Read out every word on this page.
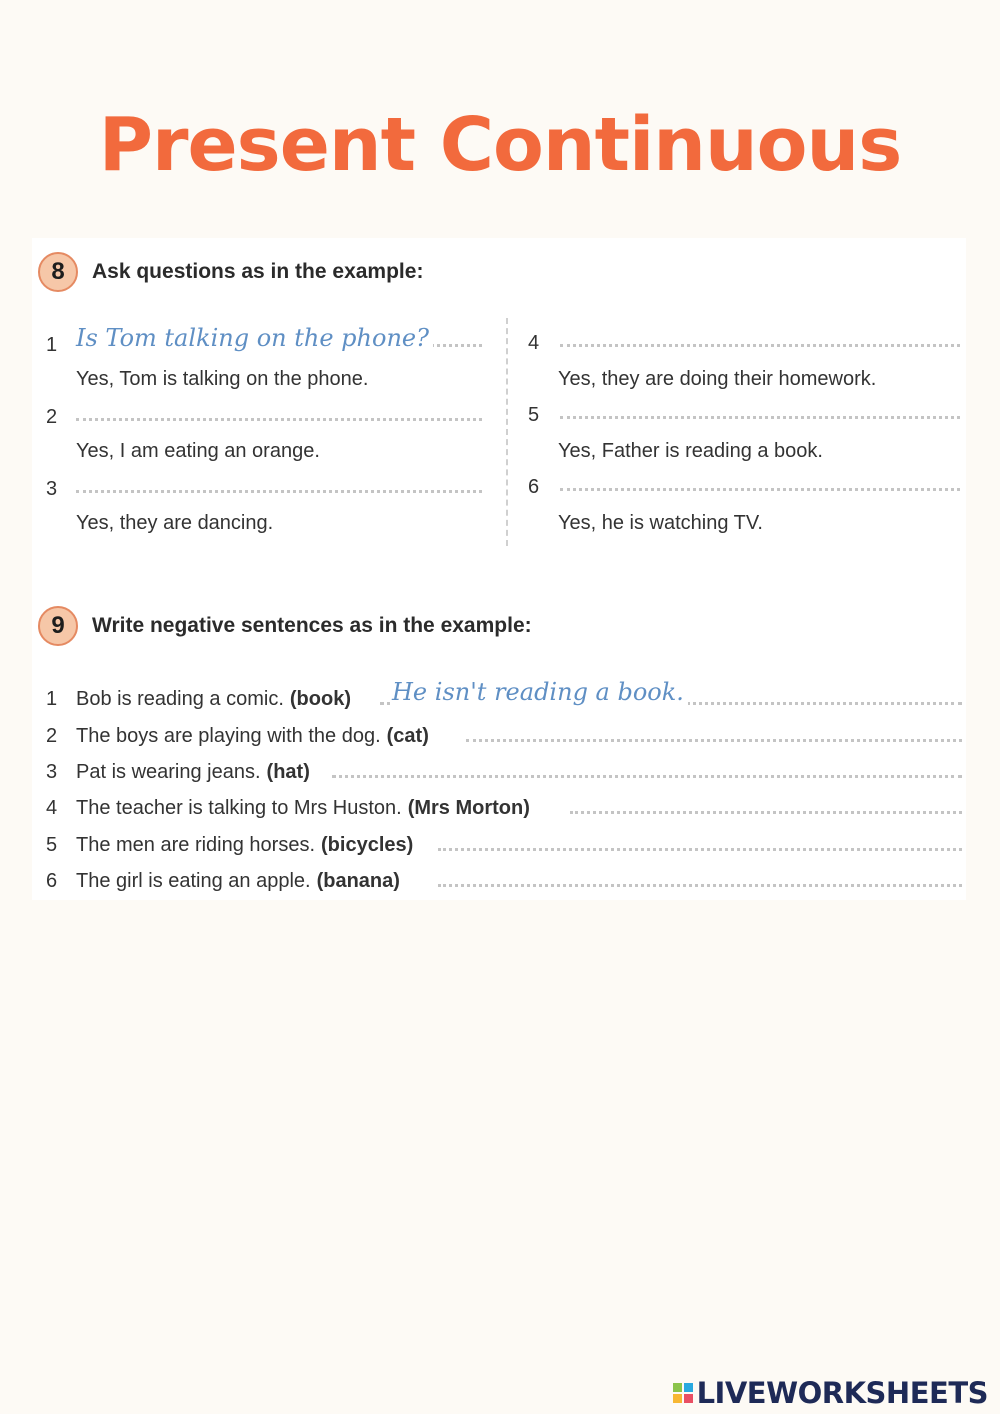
Present Continuous
8	Ask questions as in the example:
1 Is Tom talking on the phone?
Yes, Tom is talking on the phone.
2
Yes, I am eating an orange.
3
Yes, they are dancing.
4
Yes, they are doing their homework.
5
Yes, Father is reading a book.
6
Yes, he is watching TV.
9	Write negative sentences as in the example:
1 Bob is reading a comic. (book) He isn't reading a book.
2 The boys are playing with the dog. (cat)
3 Pat is wearing jeans. (hat)
4 The teacher is talking to Mrs Huston. (Mrs Morton)
5 The men are riding horses. (bicycles)
6 The girl is eating an apple. (banana)
LIVEWORKSHEETS
